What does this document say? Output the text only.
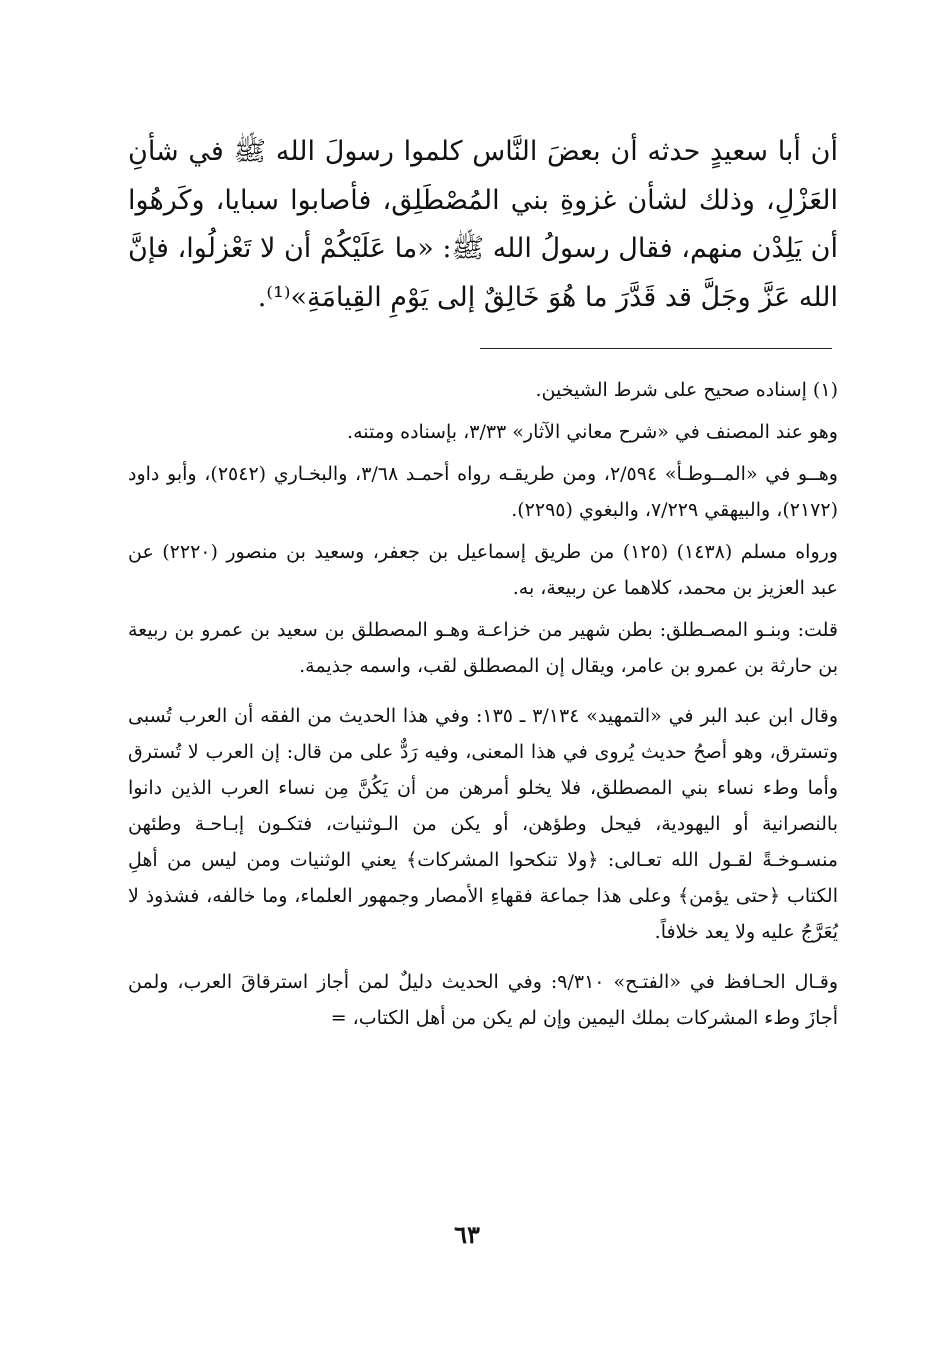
أن أبا سعيدٍ حدثه أن بعضَ النَّاس كلموا رسولَ الله ﷺ في شأنِ العَزْلِ، وذلك لشأن غزوةِ بني المُصْطَلِق، فأصابوا سبايا، وكَرهُوا أن يَلِدْن منهم، فقال رسولُ الله ﷺ: «ما عَلَيْكُمْ أن لا تَعْزلُوا، فإنَّ الله عَزَّ وجَلَّ قد قَدَّرَ ما هُوَ خَالِقٌ إلى يَوْمِ القِيامَةِ»⁽¹⁾.

(١) إسناده صحيح على شرط الشيخين.

وهو عند المصنف في «شرح معاني الآثار» ٣/٣٣، بإسناده ومتنه.

وهــو في «المــوطـأ» ٢/٥٩٤، ومن طريقـه رواه أحمـد ٣/٦٨، والبخـاري (٢٥٤٢)، وأبو داود (٢١٧٢)، والبيهقي ٧/٢٢٩، والبغوي (٢٢٩٥).

ورواه مسلم (١٤٣٨) (١٢٥) من طريق إسماعيل بن جعفر، وسعيد بن منصور (٢٢٢٠) عن عبد العزيز بن محمد، كلاهما عن ربيعة، به.

قلت: وبنـو المصـطلق: بطن شهير من خزاعـة وهـو المصطلق بن سعيد بن عمرو بن ربيعة بن حارثة بن عمرو بن عامر، ويقال إن المصطلق لقب، واسمه جذيمة.

وقال ابن عبد البر في «التمهيد» ٣/١٣٤ ـ ١٣٥: وفي هذا الحديث من الفقه أن العرب تُسبى وتسترق، وهو أصحُ حديث يُروى في هذا المعنى، وفيه رَدٌّ على من قال: إن العرب لا تُسترق وأما وطء نساء بني المصطلق، فلا يخلو أمرهن من أن يَكُنَّ مِن نساء العرب الذين دانوا بالنصرانية أو اليهودية، فيحل وطؤهن، أو يكن من الـوثنيات، فتكـون إبـاحـة وطئهن منسـوخـةً لقـول الله تعـالى: ﴿ولا تنكحوا المشركات﴾ يعني الوثنيات ومن ليس من أهلِ الكتاب ﴿حتى يؤمن﴾ وعلى هذا جماعة فقهاءِ الأمصار وجمهور العلماء، وما خالفه، فشذوذ لا يُعَرَّجُ عليه ولا يعد خلافاً.

وقـال الحـافظ في «الفتـح» ٩/٣١٠: وفي الحديث دليلٌ لمن أجاز استرقاقَ العرب، ولمن أجازَ وطء المشركات بملك اليمين وإن لم يكن من أهل الكتاب، =

٦٣
